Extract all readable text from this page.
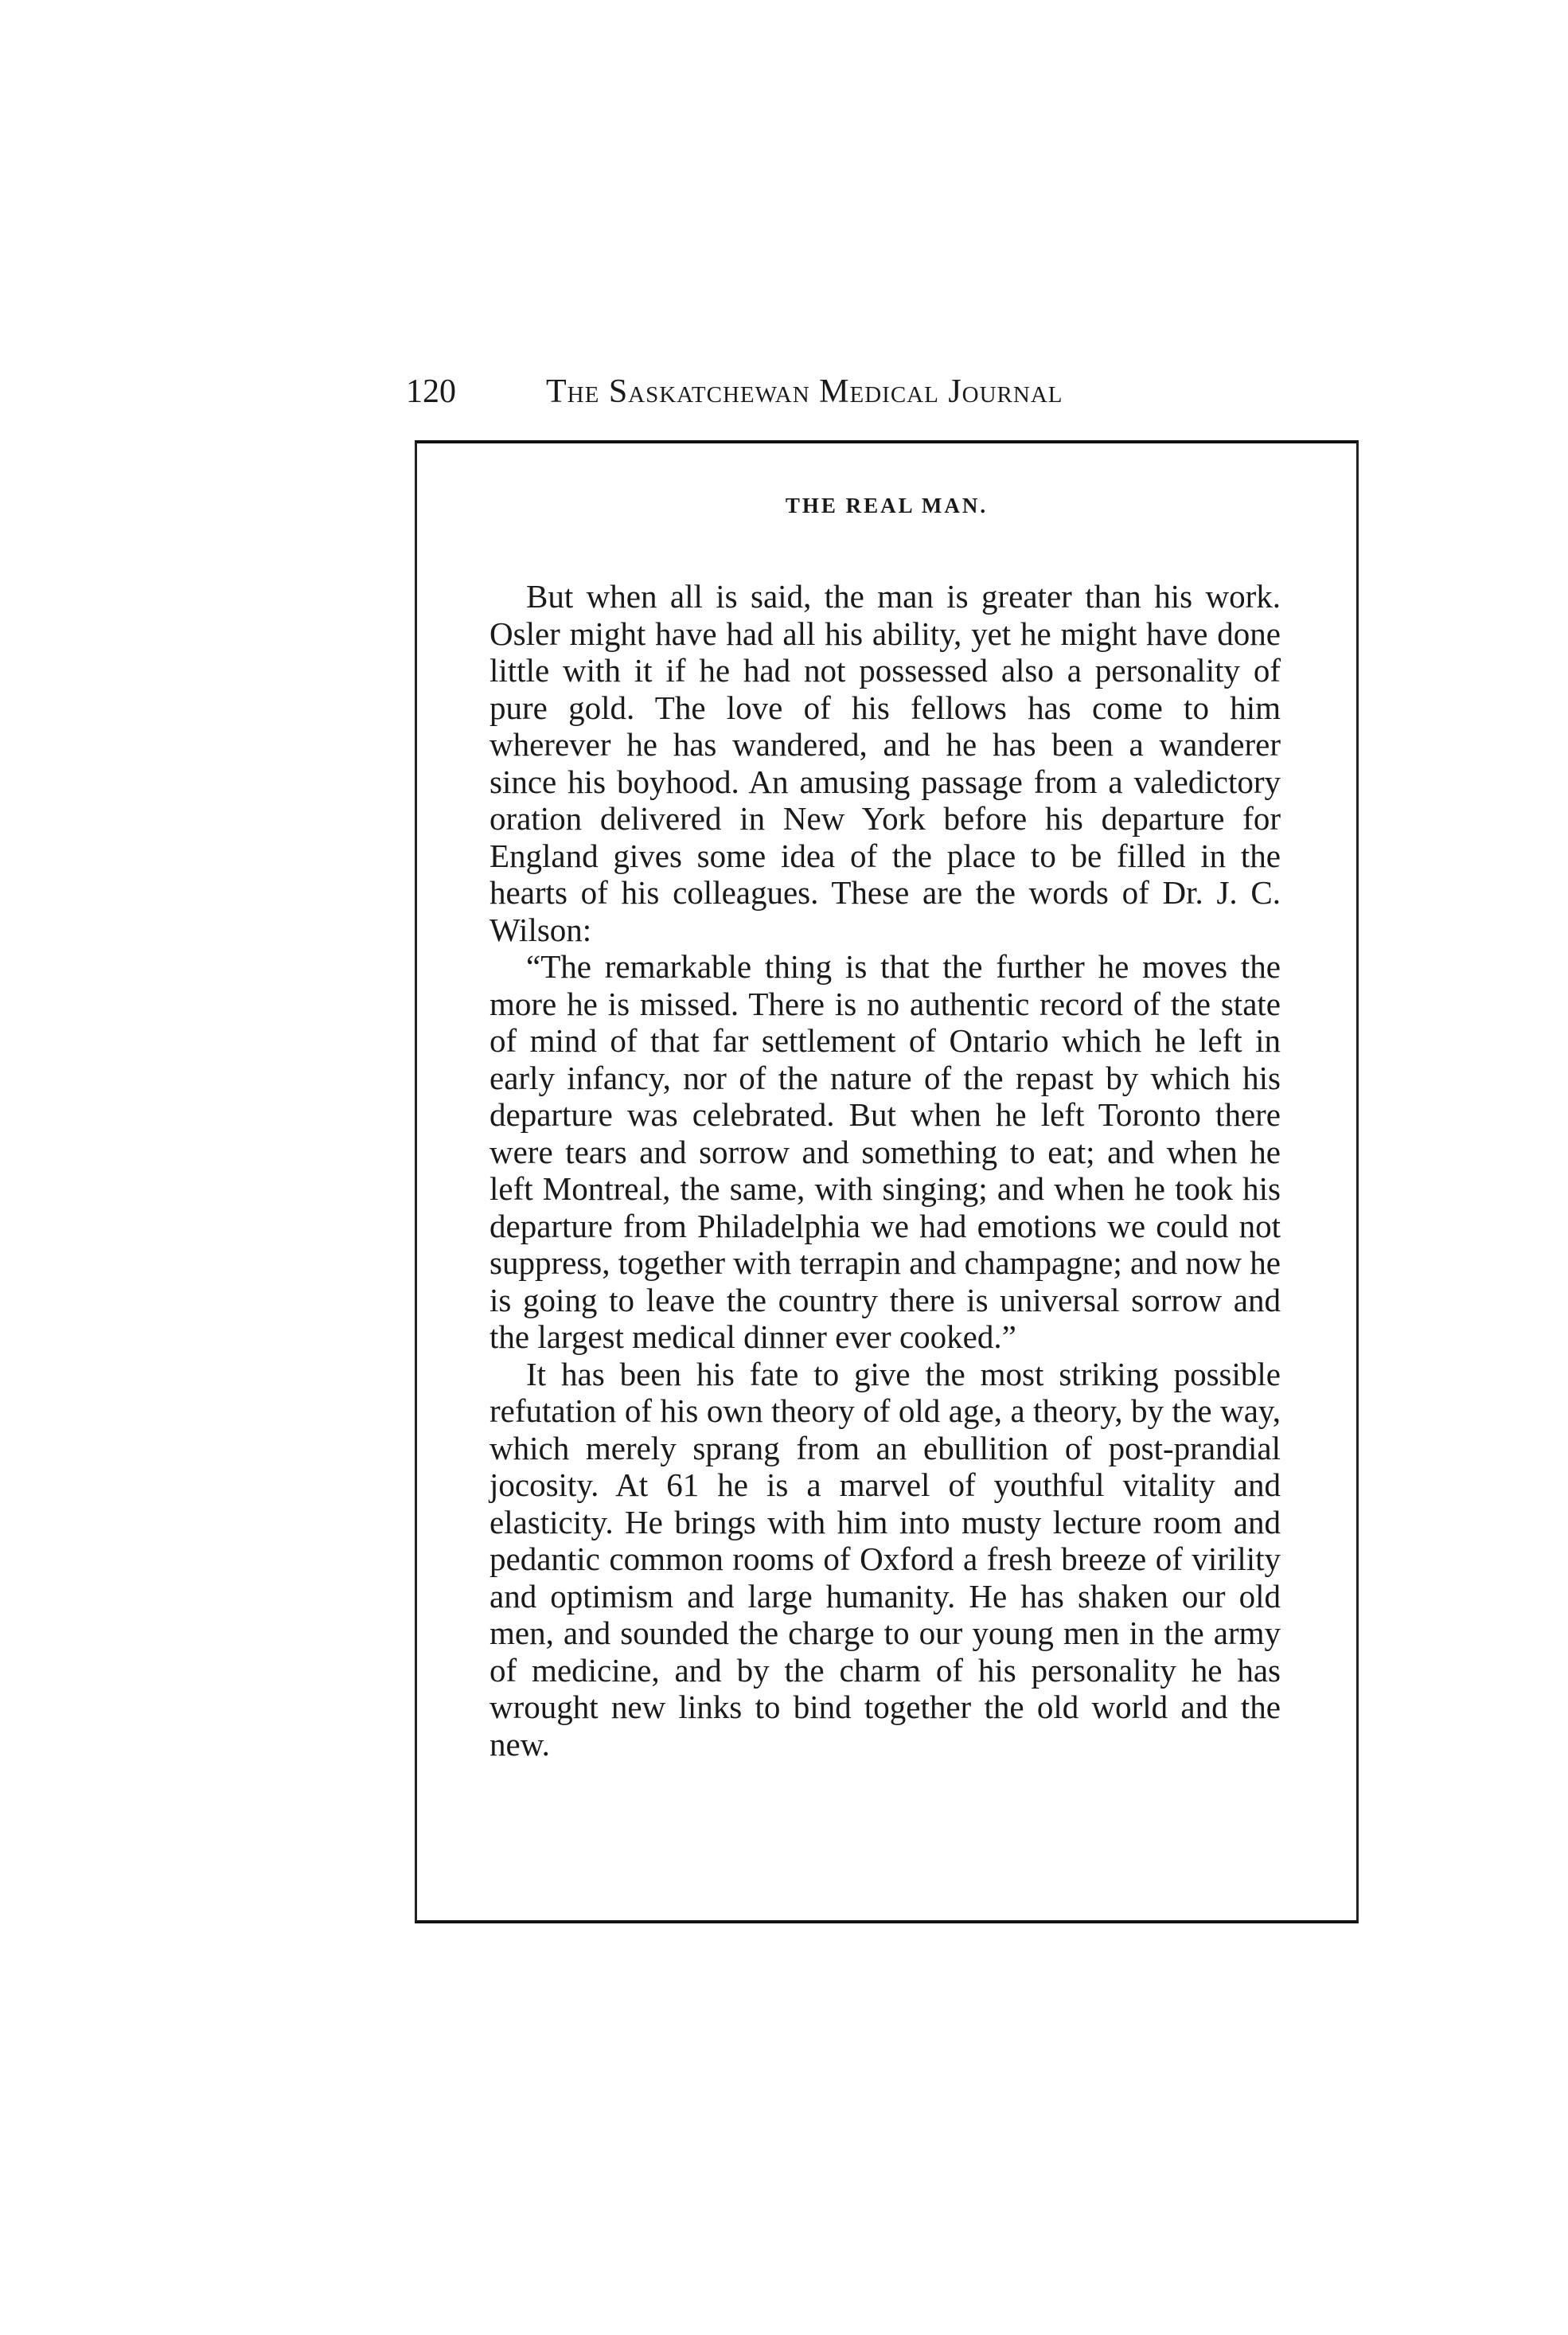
120	The Saskatchewan Medical Journal
THE REAL MAN.

But when all is said, the man is greater than his work. Osler might have had all his ability, yet he might have done little with it if he had not possessed also a personality of pure gold. The love of his fellows has come to him wherever he has wandered, and he has been a wanderer since his boyhood. An amusing passage from a valedictory oration delivered in New York before his departure for England gives some idea of the place to be filled in the hearts of his colleagues. These are the words of Dr. J. C. Wilson:

“The remarkable thing is that the further he moves the more he is missed. There is no authentic record of the state of mind of that far settlement of Ontario which he left in early infancy, nor of the nature of the repast by which his departure was celebrated. But when he left Toronto there were tears and sorrow and something to eat; and when he left Montreal, the same, with singing; and when he took his departure from Philadelphia we had emotions we could not suppress, together with terrapin and champagne; and now he is going to leave the country there is universal sorrow and the largest medical dinner ever cooked.”

It has been his fate to give the most striking possible refutation of his own theory of old age, a theory, by the way, which merely sprang from an ebullition of post-prandial jocosity. At 61 he is a marvel of youthful vitality and elasticity. He brings with him into musty lecture room and pedantic common rooms of Oxford a fresh breeze of virility and optimism and large humanity. He has shaken our old men, and sounded the charge to our young men in the army of medicine, and by the charm of his personality he has wrought new links to bind together the old world and the new.
